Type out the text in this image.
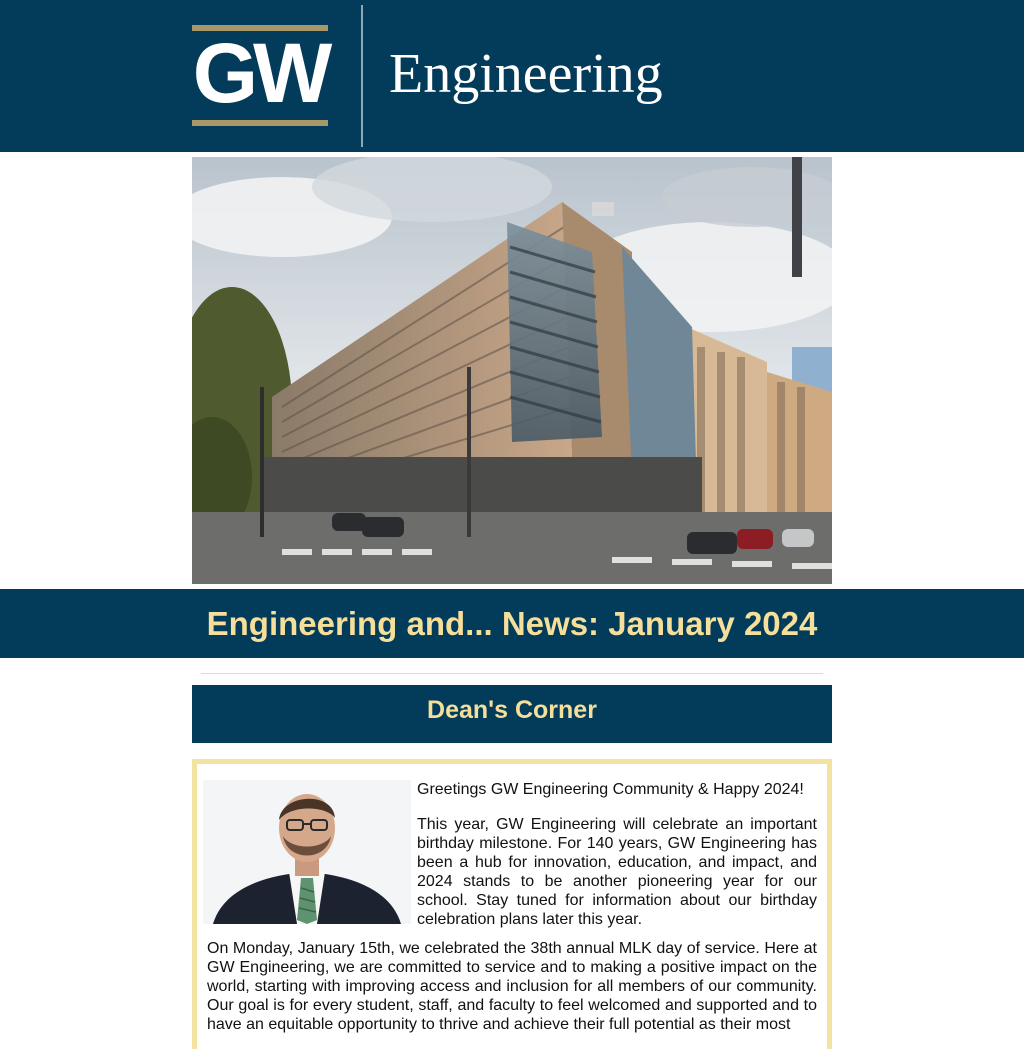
GW Engineering
Engineering and... News: January 2024
Dean's Corner
Greetings GW Engineering Community & Happy 2024!

This year, GW Engineering will celebrate an important birthday milestone. For 140 years, GW Engineering has been a hub for innovation, education, and impact, and 2024 stands to be another pioneering year for our school. Stay tuned for information about our birthday celebration plans later this year.

On Monday, January 15th, we celebrated the 38th annual MLK day of service. Here at GW Engineering, we are committed to service and to making a positive impact on the world, starting with improving access and inclusion for all members of our community. Our goal is for every student, staff, and faculty to feel welcomed and supported and to have an equitable opportunity to thrive and achieve their full potential as their most
